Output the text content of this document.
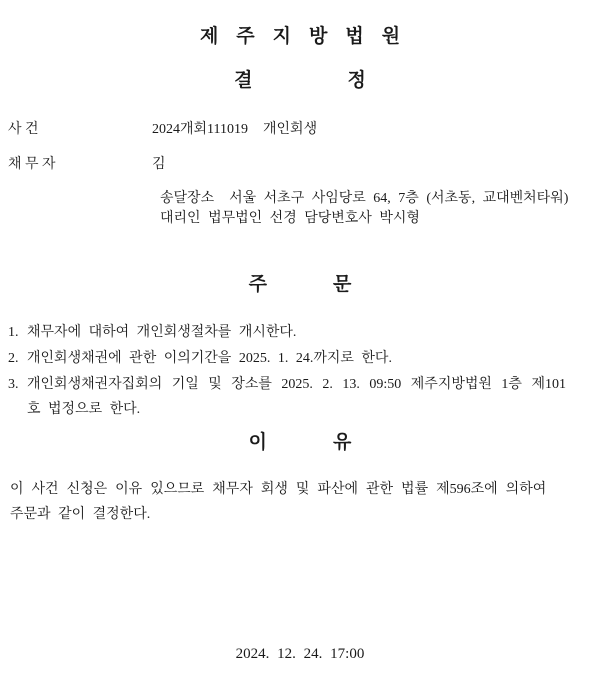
제주지방법원
결정
사 건	2024개회111019  개인회생
채 무 자	김
송달장소  서울 서초구 사임당로 64, 7층 (서초동, 교대벤처타워)
대리인 법무법인 선경 담당변호사 박시형
주문
1. 채무자에 대하여 개인회생절차를 개시한다.
2. 개인회생채권에 관한 이의기간을 2025. 1. 24.까지로 한다.
3. 개인회생채권자집회의 기일 및 장소를 2025. 2. 13. 09:50 제주지방법원 1층 제101
호 법정으로 한다.
이유
이 사건 신청은 이유 있으므로 채무자 회생 및 파산에 관한 법률 제596조에 의하여
주문과 같이 결정한다.
2024. 12. 24. 17:00
